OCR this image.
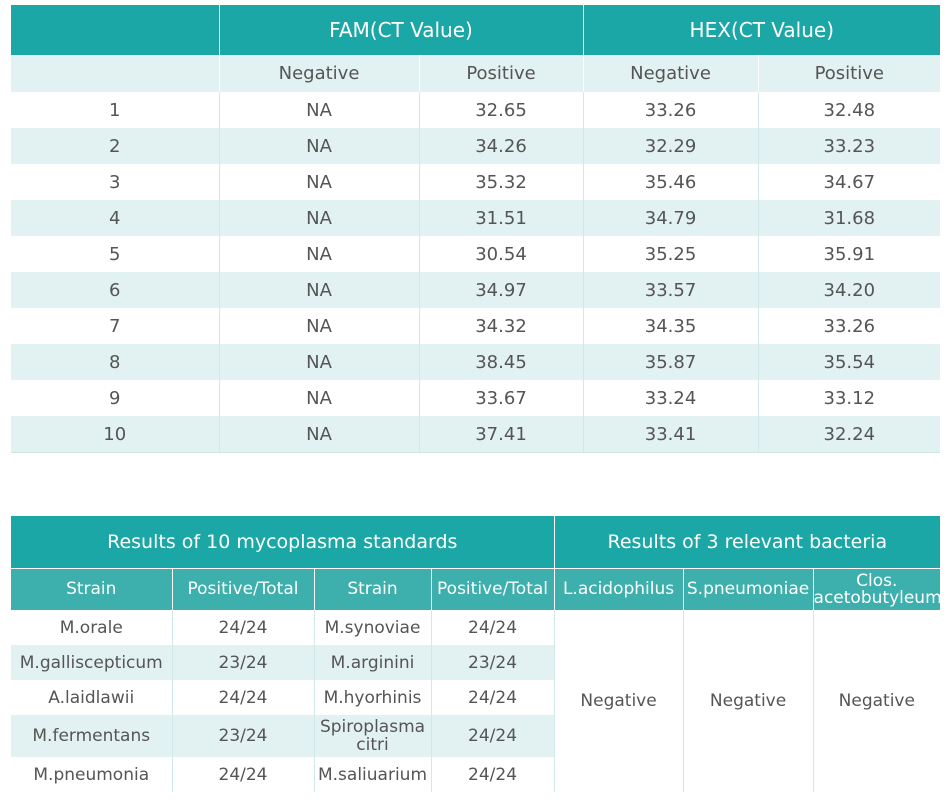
	FAM(CT Value)		HEX(CT Value)	
	Negative	Positive	Negative	Positive
1	NA	32.65	33.26	32.48
2	NA	34.26	32.29	33.23
3	NA	35.32	35.46	34.67
4	NA	31.51	34.79	31.68
5	NA	30.54	35.25	35.91
6	NA	34.97	33.57	34.20
7	NA	34.32	34.35	33.26
8	NA	38.45	35.87	35.54
9	NA	33.67	33.24	33.12
10	NA	37.41	33.41	32.24
Results of 10 mycoplasma standards				Results of 3 relevant bacteria		
Strain	Positive/Total	Strain	Positive/Total	L.acidophilus	S.pneumoniae	Clos. acetobutyleum
M.orale	24/24	M.synoviae	24/24	Negative	Negative	Negative
M.galliscepticum	23/24	M.arginini	23/24			
A.laidlawii	24/24	M.hyorhinis	24/24			
M.fermentans	23/24	Spiroplasma citri	24/24			
M.pneumonia	24/24	M.saliuarium	24/24			
